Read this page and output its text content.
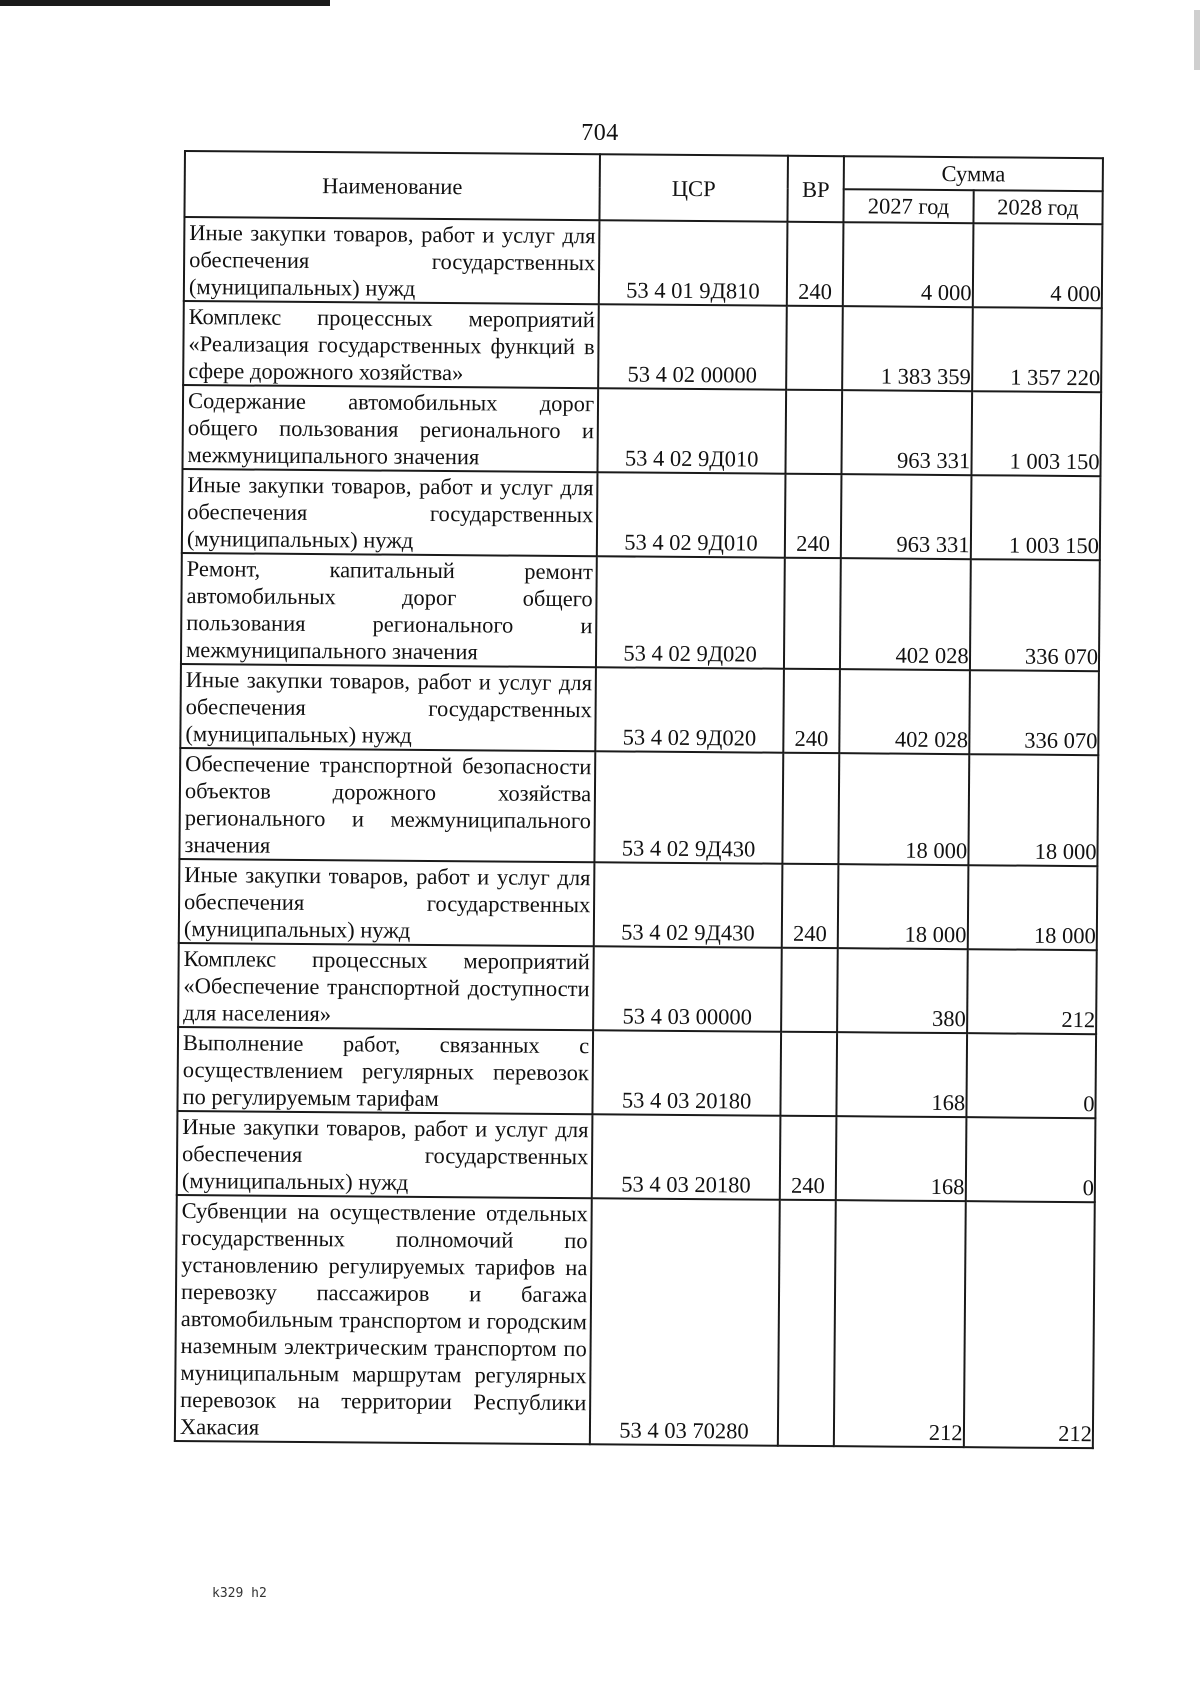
704
Наименование	ЦСР	ВР	Сумма	
			2027 год	2028 год
Иные закупки товаров, работ и услуг для обеспечения государственных (муниципальных) нужд	53 4 01 9Д810	240	4 000	4 000
Комплекс процессных мероприятий «Реализация государственных функций в сфере дорожного хозяйства»	53 4 02 00000		1 383 359	1 357 220
Содержание автомобильных дорог общего пользования регионального и межмуниципального значения	53 4 02 9Д010		963 331	1 003 150
Иные закупки товаров, работ и услуг для обеспечения государственных (муниципальных) нужд	53 4 02 9Д010	240	963 331	1 003 150
Ремонт, капитальный ремонт автомобильных дорог общего пользования регионального и межмуниципального значения	53 4 02 9Д020		402 028	336 070
Иные закупки товаров, работ и услуг для обеспечения государственных (муниципальных) нужд	53 4 02 9Д020	240	402 028	336 070
Обеспечение транспортной безопасности объектов дорожного хозяйства регионального и межмуниципального значения	53 4 02 9Д430		18 000	18 000
Иные закупки товаров, работ и услуг для обеспечения государственных (муниципальных) нужд	53 4 02 9Д430	240	18 000	18 000
Комплекс процессных мероприятий «Обеспечение транспортной доступности для населения»	53 4 03 00000		380	212
Выполнение работ, связанных с осуществлением регулярных перевозок по регулируемым тарифам	53 4 03 20180		168	0
Иные закупки товаров, работ и услуг для обеспечения государственных (муниципальных) нужд	53 4 03 20180	240	168	0
Субвенции на осуществление отдельных государственных полномочий по установлению регулируемых тарифов на перевозку пассажиров и багажа автомобильным транспортом и городским наземным электрическим транспортом по муниципальным маршрутам регулярных перевозок на территории Республики Хакасия	53 4 03 70280		212	212
k329 h2
